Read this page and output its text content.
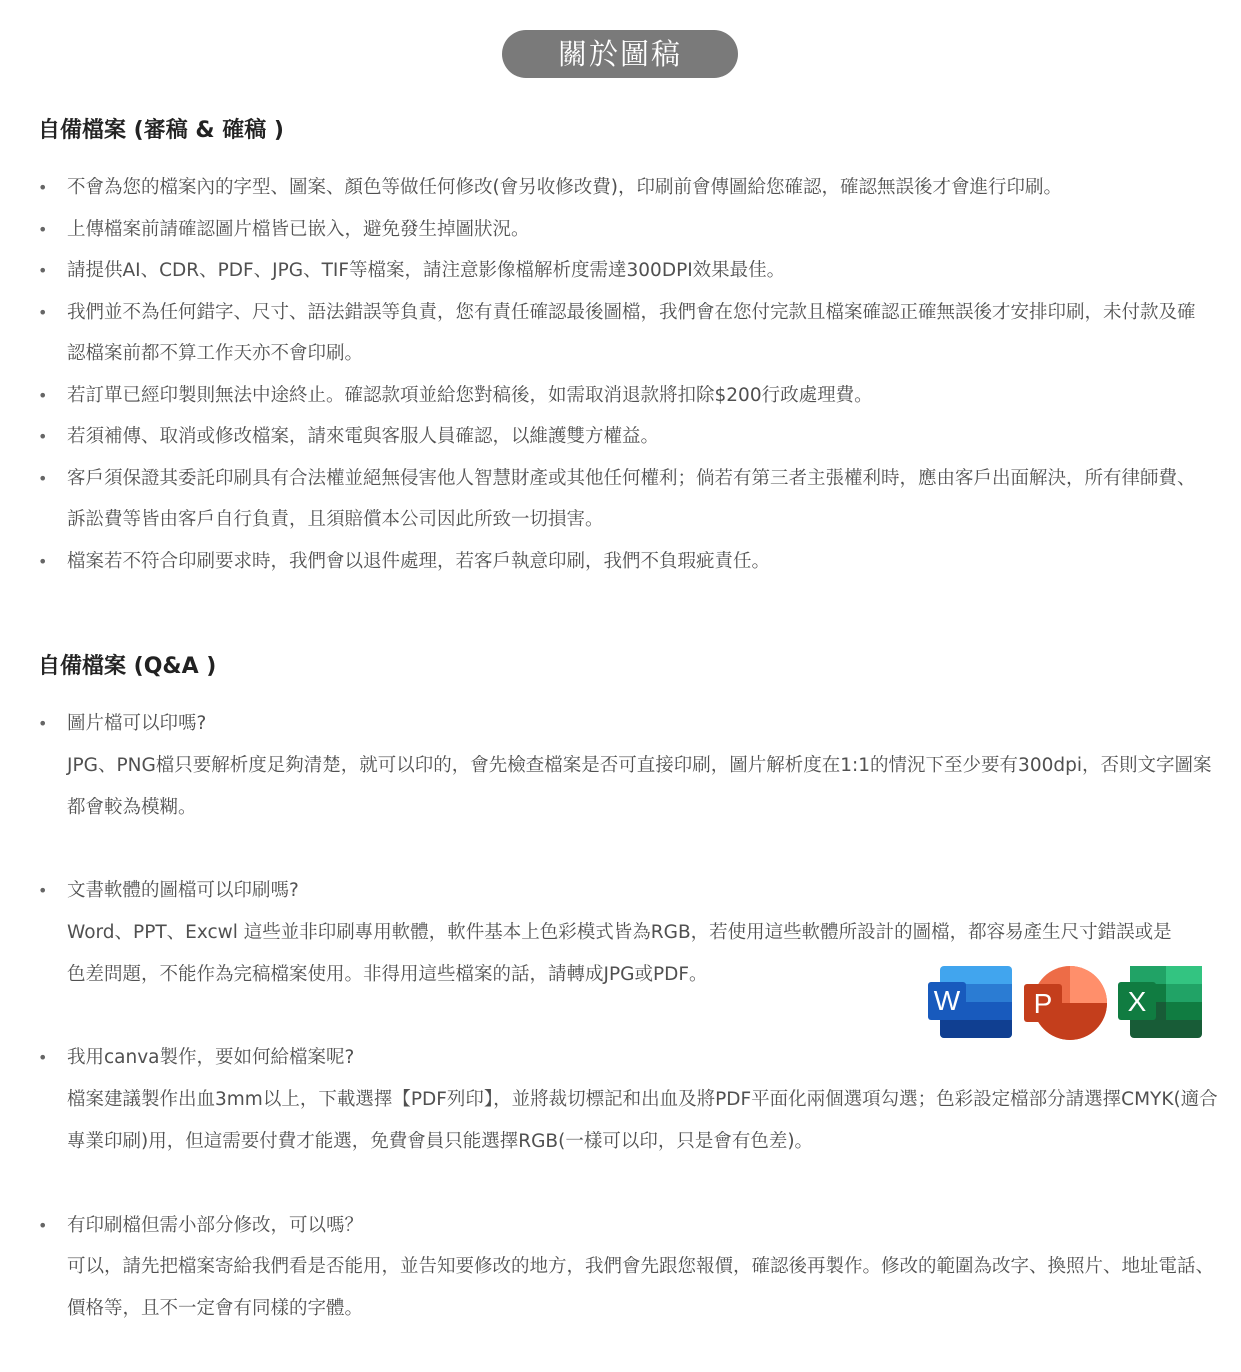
關於圖稿
自備檔案 (審稿 & 確稿 )
• 不會為您的檔案內的字型、圖案、顏色等做任何修改(會另收修改費)，印刷前會傳圖給您確認，確認無誤後才會進行印刷。
• 上傳檔案前請確認圖片檔皆已嵌入，避免發生掉圖狀況。
• 請提供AI、CDR、PDF、JPG、TIF等檔案，請注意影像檔解析度需達300DPI效果最佳。
• 我們並不為任何錯字、尺寸、語法錯誤等負責，您有責任確認最後圖檔，我們會在您付完款且檔案確認正確無誤後才安排印刷，未付款及確認檔案前都不算工作天亦不會印刷。
• 若訂單已經印製則無法中途終止。確認款項並給您對稿後，如需取消退款將扣除$200行政處理費。
• 若須補傳、取消或修改檔案，請來電與客服人員確認，以維護雙方權益。
• 客戶須保證其委託印刷具有合法權並絕無侵害他人智慧財產或其他任何權利；倘若有第三者主張權利時，應由客戶出面解決，所有律師費、訴訟費等皆由客戶自行負責，且須賠償本公司因此所致一切損害。
• 檔案若不符合印刷要求時，我們會以退件處理，若客戶執意印刷，我們不負瑕疵責任。
自備檔案 (Q&A )
• 圖片檔可以印嗎?
JPG、PNG檔只要解析度足夠清楚，就可以印的，會先檢查檔案是否可直接印刷，圖片解析度在1:1的情況下至少要有300dpi，否則文字圖案都會較為模糊。
• 文書軟體的圖檔可以印刷嗎?
Word、PPT、Excwl 這些並非印刷專用軟體，軟件基本上色彩模式皆為RGB，若使用這些軟體所設計的圖檔，都容易產生尺寸錯誤或是色差問題，不能作為完稿檔案使用。非得用這些檔案的話，請轉成JPG或PDF。
• 我用canva製作，要如何給檔案呢?
檔案建議製作出血3mm以上，下載選擇【PDF列印】，並將裁切標記和出血及將PDF平面化兩個選項勾選；色彩設定檔部分請選擇CMYK(適合專業印刷)用，但這需要付費才能選，免費會員只能選擇RGB(一樣可以印，只是會有色差)。
• 有印刷檔但需小部分修改，可以嗎？
可以，請先把檔案寄給我們看是否能用，並告知要修改的地方，我們會先跟您報價，確認後再製作。修改的範圍為改字、換照片、地址電話、價格等，且不一定會有同樣的字體。
W	P	X
